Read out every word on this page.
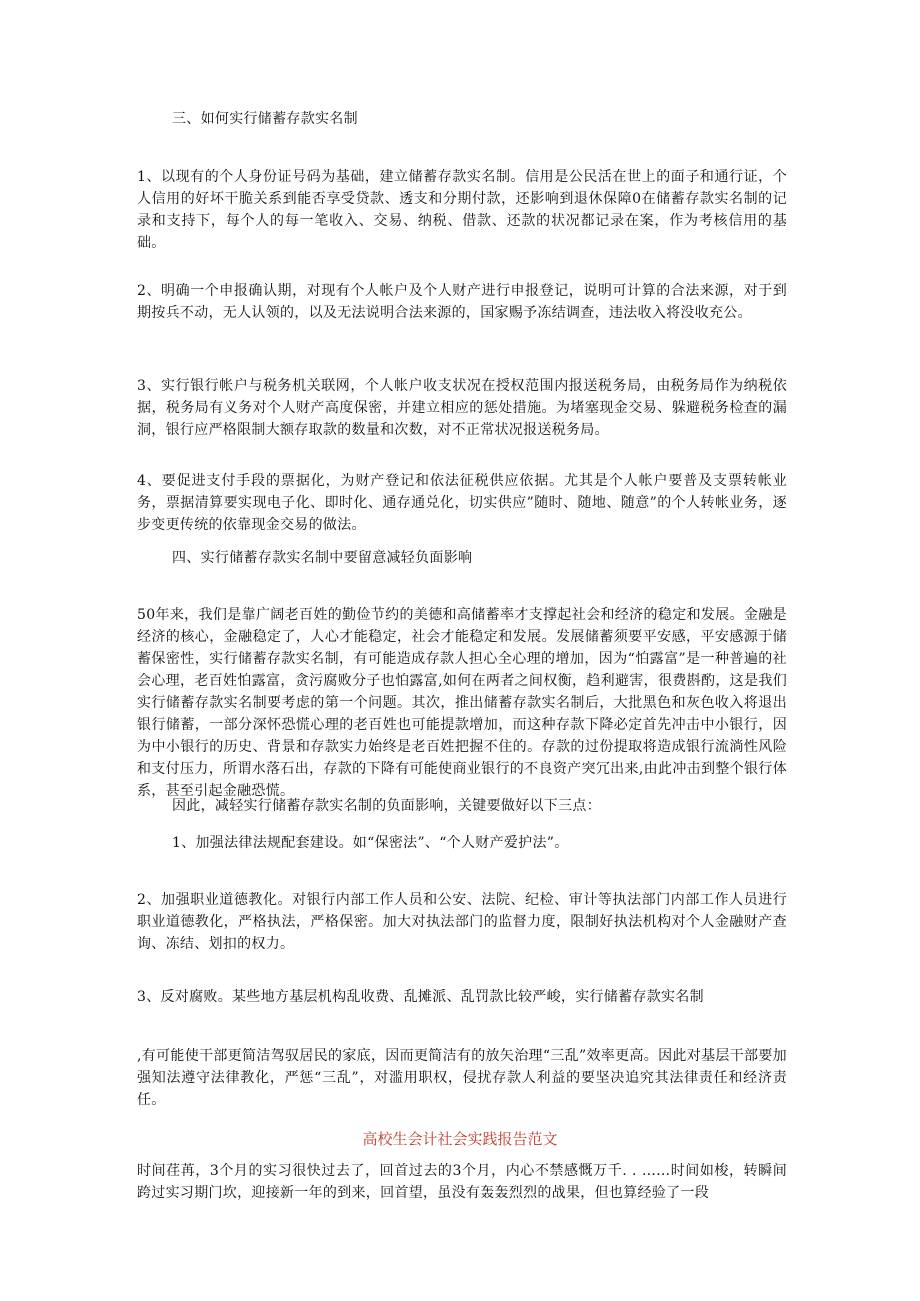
三、如何实行储蓄存款实名制

1、以现有的个人身份证号码为基础，建立储蓄存款实名制。信用是公民活在世上的面子和通行证，个人信用的好坏干脆关系到能否享受贷款、透支和分期付款，还影响到退休保障0在储蓄存款实名制的记录和支持下，每个人的每一笔收入、交易、纳税、借款、还款的状况都记录在案，作为考核信用的基础。

2、明确一个申报确认期，对现有个人帐户及个人财产进行申报登记，说明可计算的合法来源，对于到期按兵不动，无人认领的，以及无法说明合法来源的，国家赐予冻结调查，违法收入将没收充公。

3、实行银行帐户与税务机关联网，个人帐户收支状况在授权范围内报送税务局，由税务局作为纳税依据，税务局有义务对个人财产高度保密，并建立相应的惩处措施。为堵塞现金交易、躲避税务检查的漏洞，银行应严格限制大额存取款的数量和次数，对不正常状况报送税务局。

4、要促进支付手段的票据化，为财产登记和依法征税供应依据。尤其是个人帐户要普及支票转帐业务，票据清算要实现电子化、即时化、通存通兑化，切实供应”随时、随地、随意”的个人转帐业务，逐步变更传统的依靠现金交易的做法。

四、实行储蓄存款实名制中要留意减轻负面影响

50年来，我们是靠广阔老百姓的勤俭节约的美德和高储蓄率才支撑起社会和经济的稳定和发展。金融是经济的核心，金融稳定了，人心才能稳定，社会才能稳定和发展。发展储蓄须要平安感，平安感源于储蓄保密性，实行储蓄存款实名制，有可能造成存款人担心全心理的增加，因为“怕露富”是一种普遍的社会心理，老百姓怕露富，贪污腐败分子也怕露富,如何在两者之间权衡，趋利避害，很费斟酌，这是我们实行储蓄存款实名制要考虑的第一个问题。其次，推出储蓄存款实名制后，大批黑色和灰色收入将退出银行储蓄，一部分深怀恐慌心理的老百姓也可能提款增加，而这种存款下降必定首先冲击中小银行，因为中小银行的历史、背景和存款实力始终是老百姓把握不住的。存款的过份提取将造成银行流淌性风险和支付压力，所谓水落石出，存款的下降有可能使商业银行的不良资产突冗出来,由此冲击到整个银行体系，甚至引起金融恐慌。

因此，减轻实行储蓄存款实名制的负面影响，关键要做好以下三点：

1、加强法律法规配套建设。如“保密法”、“个人财产爱护法”。

2、加强职业道德教化。对银行内部工作人员和公安、法院、纪检、审计等执法部门内部工作人员进行职业道德教化，严格执法，严格保密。加大对执法部门的监督力度，限制好执法机构对个人金融财产查询、冻结、划扣的权力。

3、反对腐败。某些地方基层机构乱收费、乱摊派、乱罚款比较严峻，实行储蓄存款实名制

,有可能使干部更简洁驾驭居民的家底，因而更简洁有的放矢治理“三乱”效率更高。因此对基层干部要加强知法遵守法律教化，严惩“三乱”，对滥用职权，侵扰存款人利益的要坚决追究其法律责任和经济责任。

高校生会计社会实践报告范文

时间荏苒，3个月的实习很快过去了，回首过去的3个月，内心不禁感慨万千. . ……时间如梭，转瞬间跨过实习期门坎，迎接新一年的到来，回首望，虽没有轰轰烈烈的战果，但也算经验了一段
